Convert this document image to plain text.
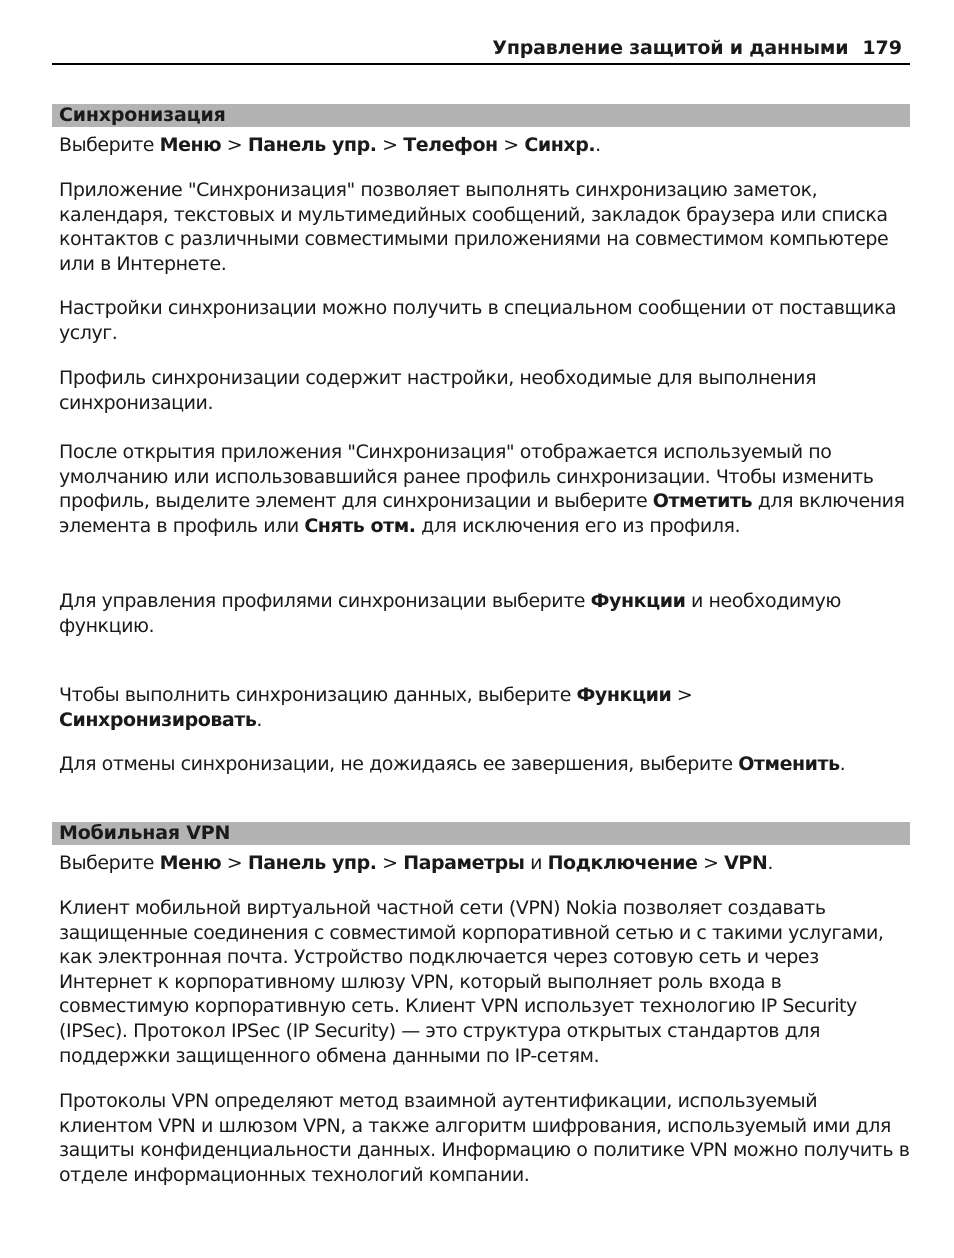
Управление защитой и данными 179
Синхронизация

Выберите Меню > Панель упр. > Телефон > Синхр..

Приложение "Синхронизация" позволяет выполнять синхронизацию заметок, календаря, текстовых и мультимедийных сообщений, закладок браузера или списка контактов с различными совместимыми приложениями на совместимом компьютере или в Интернете.

Настройки синхронизации можно получить в специальном сообщении от поставщика услуг.

Профиль синхронизации содержит настройки, необходимые для выполнения синхронизации.

После открытия приложения "Синхронизация" отображается используемый по умолчанию или использовавшийся ранее профиль синхронизации. Чтобы изменить профиль, выделите элемент для синхронизации и выберите Отметить для включения элемента в профиль или Снять отм. для исключения его из профиля.

Для управления профилями синхронизации выберите Функции и необходимую функцию.

Чтобы выполнить синхронизацию данных, выберите Функции >
Синхронизировать.

Для отмены синхронизации, не дожидаясь ее завершения, выберите Отменить.

Мобильная VPN

Выберите Меню > Панель упр. > Параметры и Подключение > VPN.

Клиент мобильной виртуальной частной сети (VPN) Nokia позволяет создавать защищенные соединения с совместимой корпоративной сетью и с такими услугами, как электронная почта. Устройство подключается через сотовую сеть и через Интернет к корпоративному шлюзу VPN, который выполняет роль входа в совместимую корпоративную сеть. Клиент VPN использует технологию IP Security (IPSec). Протокол IPSec (IP Security) — это структура открытых стандартов для поддержки защищенного обмена данными по IP-сетям.

Протоколы VPN определяют метод взаимной аутентификации, используемый клиентом VPN и шлюзом VPN, а также алгоритм шифрования, используемый ими для защиты конфиденциальности данных. Информацию о политике VPN можно получить в отделе информационных технологий компании.
